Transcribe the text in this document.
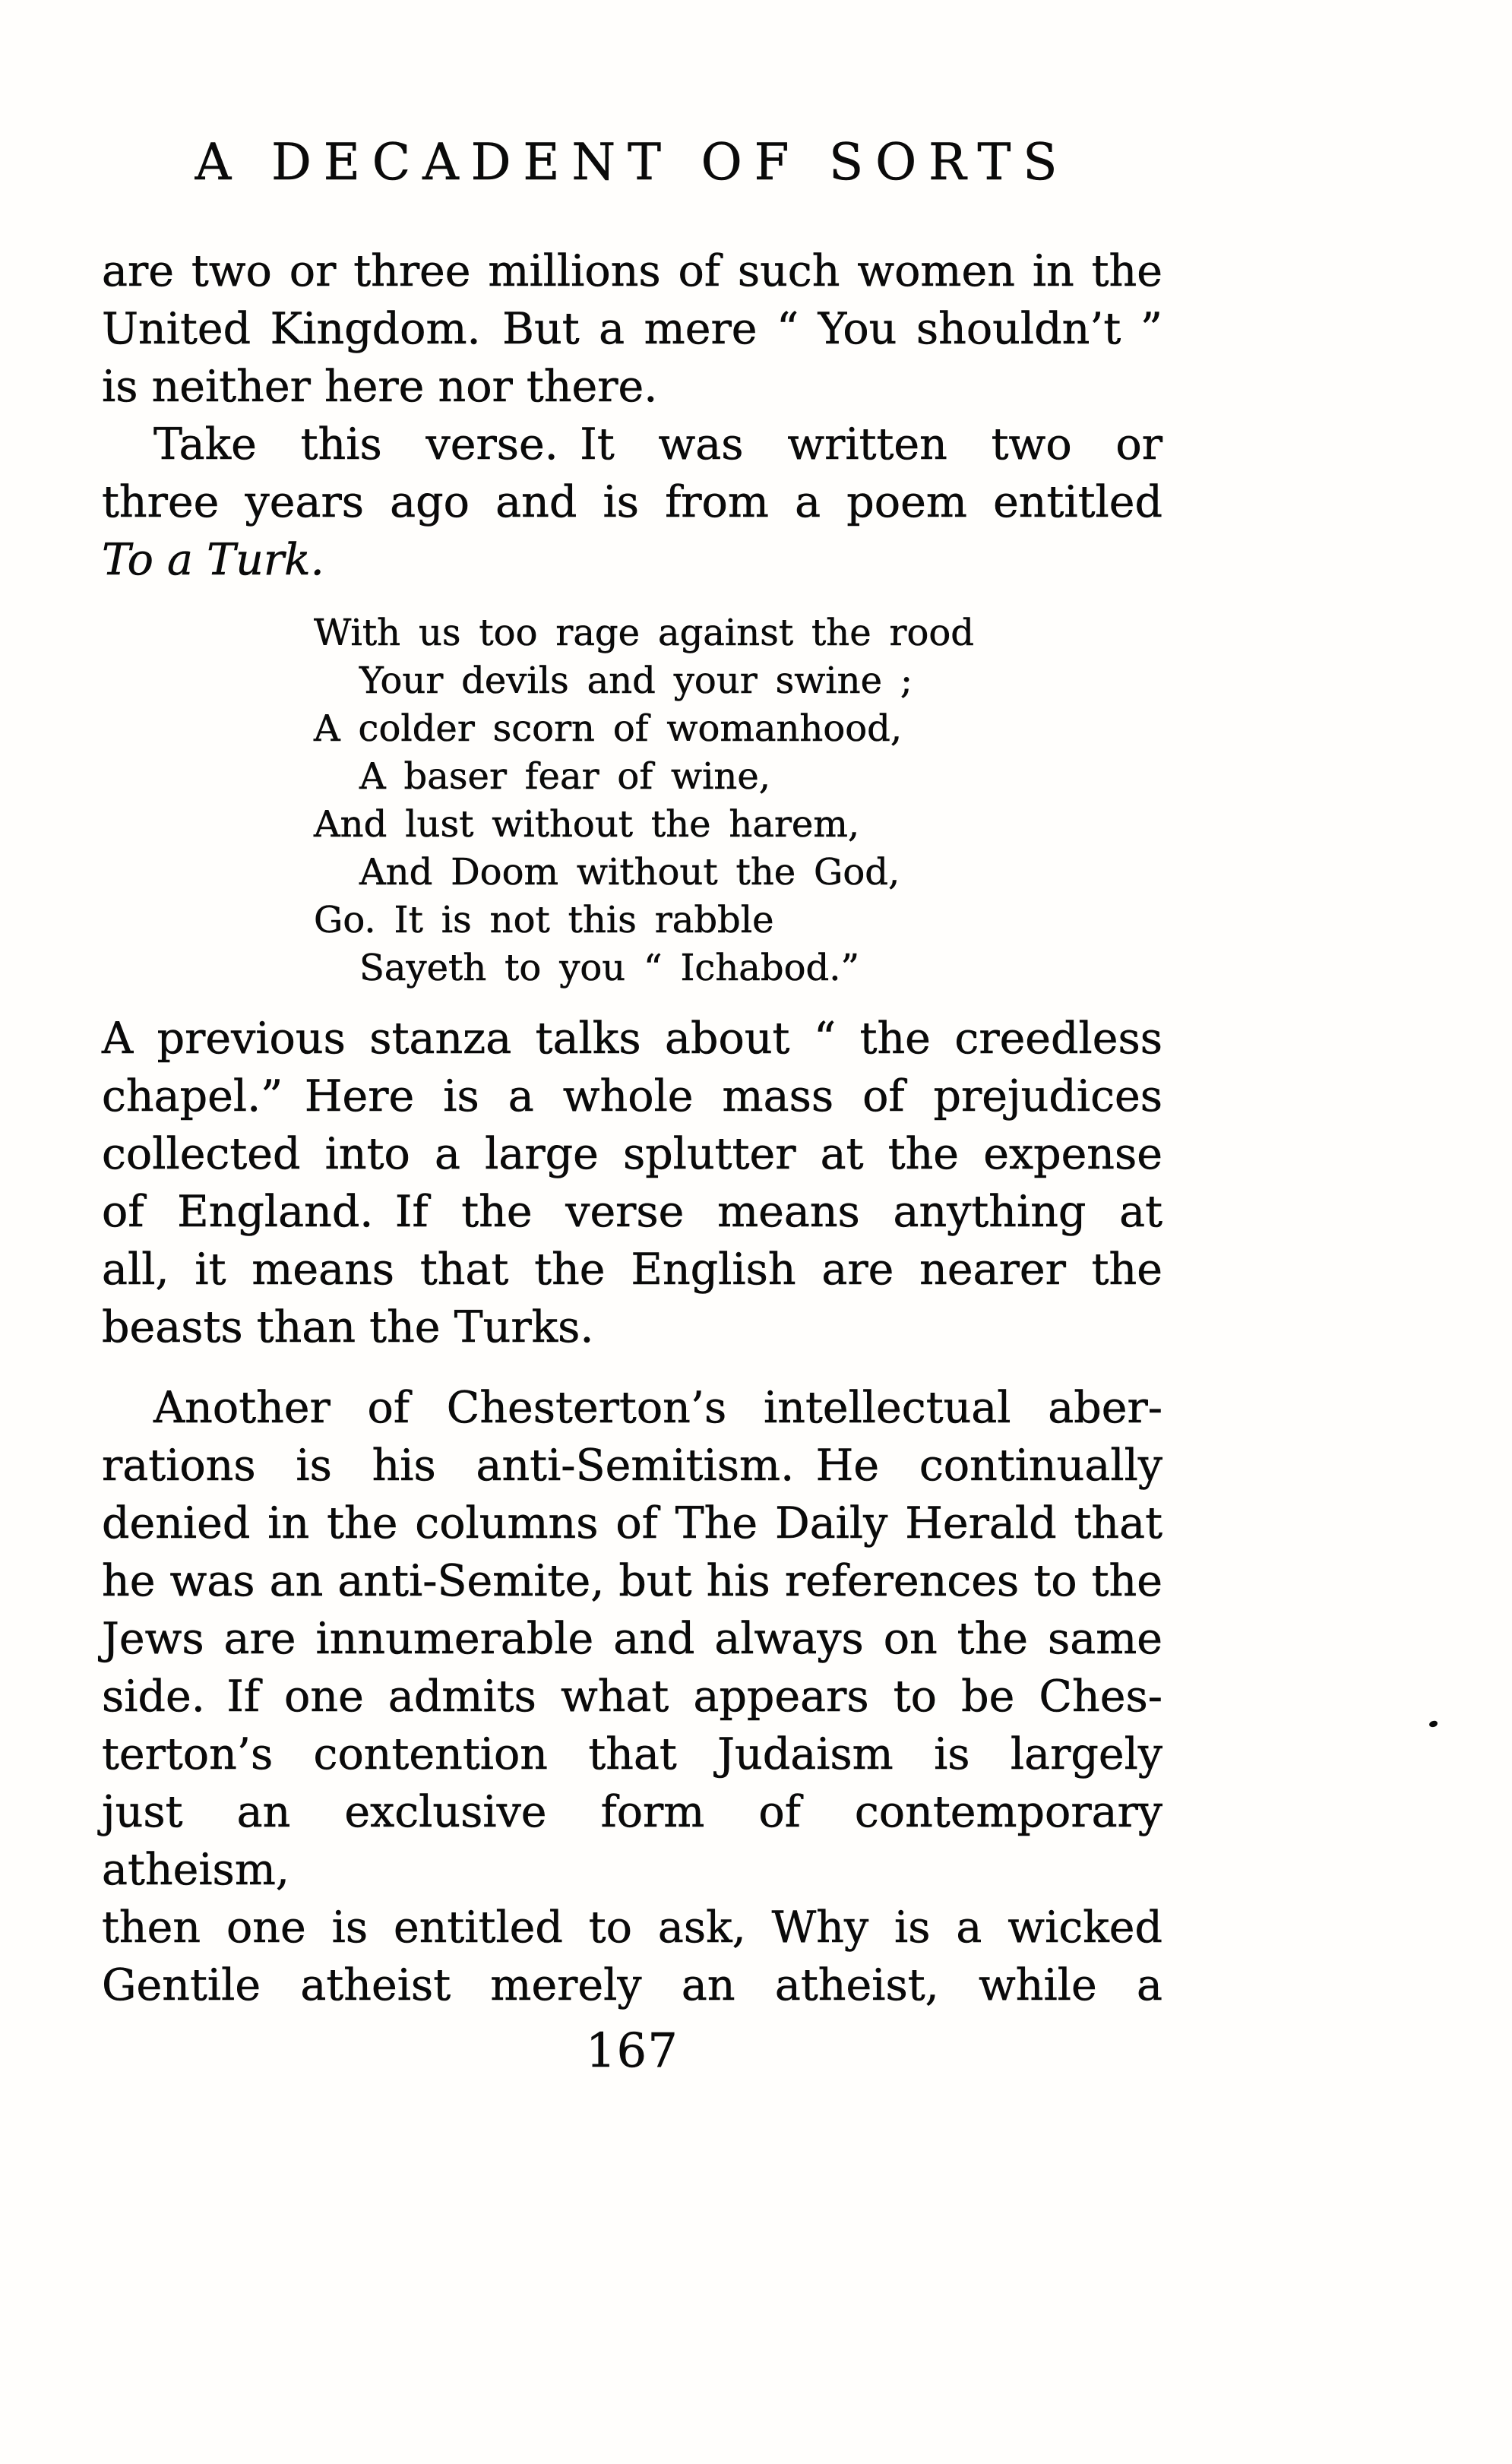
A DECADENT OF SORTS
are two or three millions of such women in the
United Kingdom. But a mere “ You shouldn’t ”
is neither here nor there.
Take this verse. It was written two or
three years ago and is from a poem entitled
To a Turk.
With us too rage against the rood
Your devils and your swine ;
A colder scorn of womanhood,
A baser fear of wine,
And lust without the harem,
And Doom without the God,
Go. It is not this rabble
Sayeth to you “ Ichabod.”
A previous stanza talks about “ the creedless
chapel.” Here is a whole mass of prejudices
collected into a large splutter at the expense
of England. If the verse means anything at
all, it means that the English are nearer the
beasts than the Turks.
Another of Chesterton’s intellectual aber-
rations is his anti-Semitism. He continually
denied in the columns of The Daily Herald that
he was an anti-Semite, but his references to the
Jews are innumerable and always on the same
side. If one admits what appears to be Ches-
terton’s contention that Judaism is largely
just an exclusive form of contemporary atheism,
then one is entitled to ask, Why is a wicked
Gentile atheist merely an atheist, while a
167
